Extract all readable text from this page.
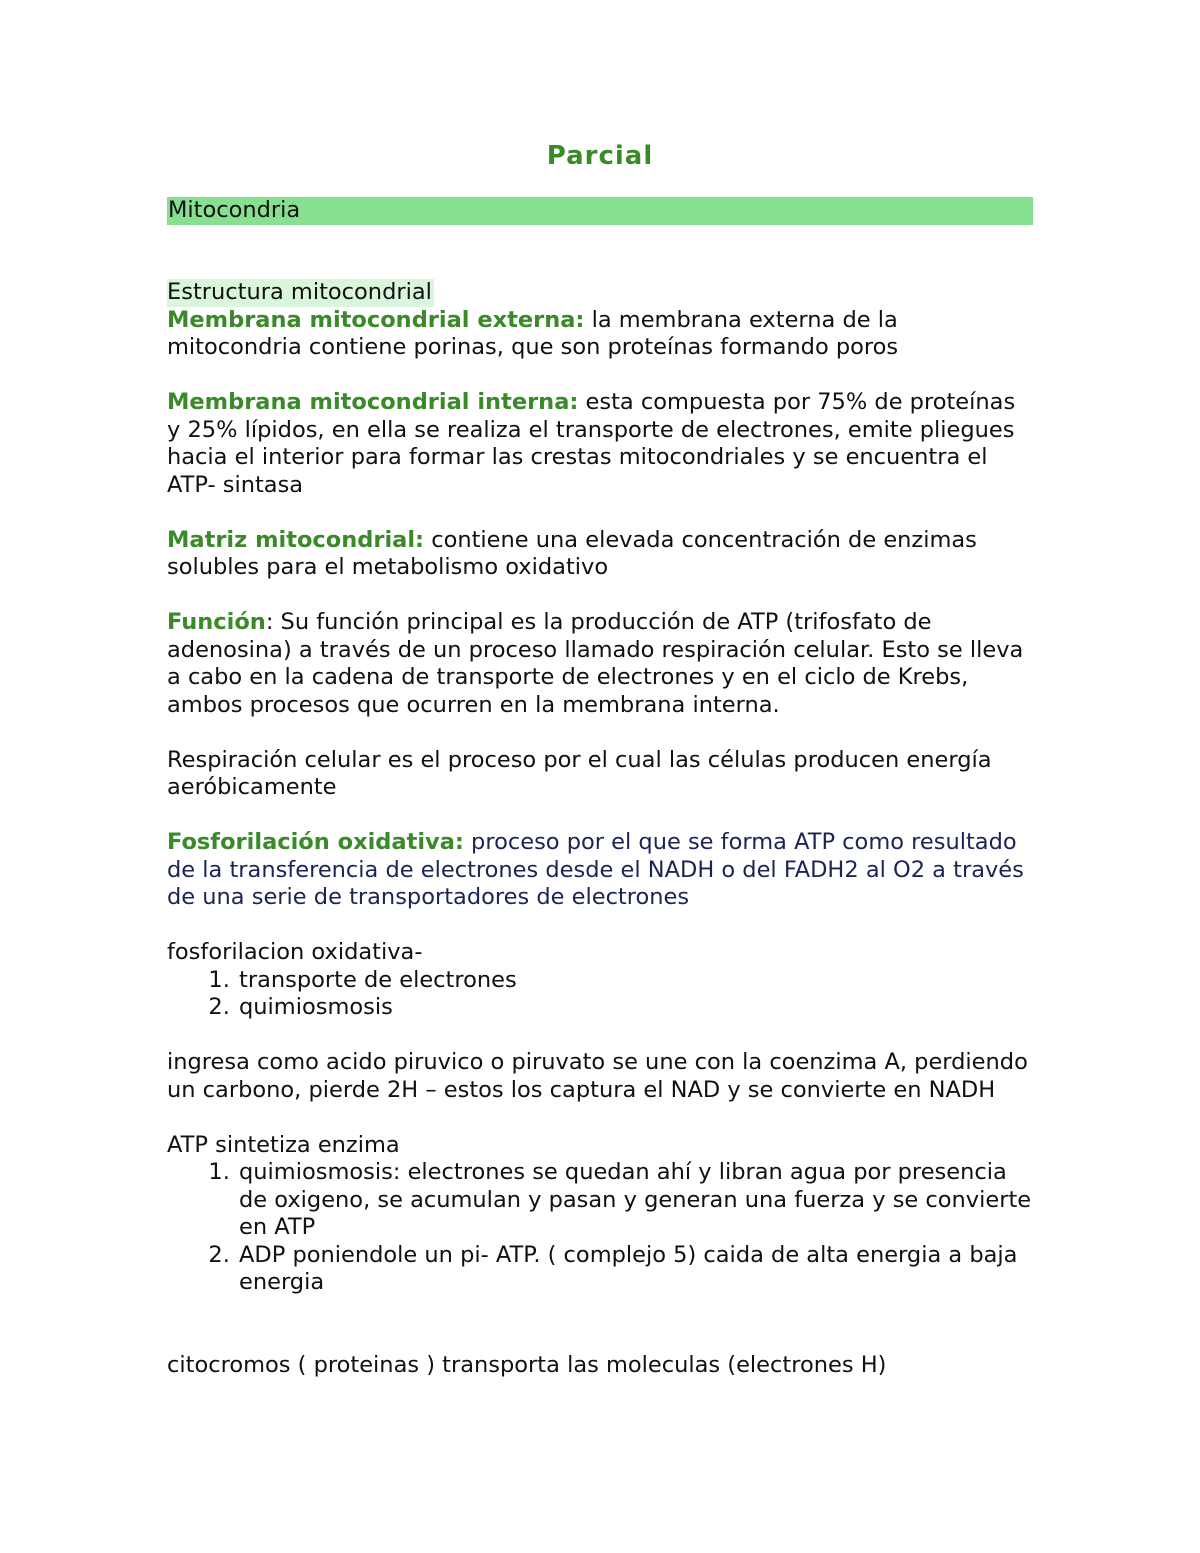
Parcial
Mitocondria

Estructura mitocondrial

Membrana mitocondrial externa: la membrana externa de la mitocondria contiene porinas, que son proteínas formando poros

Membrana mitocondrial interna: esta compuesta por 75% de proteínas y 25% lípidos, en ella se realiza el transporte de electrones, emite pliegues hacia el interior para formar las crestas mitocondriales y se encuentra el ATP- sintasa

Matriz mitocondrial: contiene una elevada concentración de enzimas solubles para el metabolismo oxidativo

Función: Su función principal es la producción de ATP (trifosfato de adenosina) a través de un proceso llamado respiración celular. Esto se lleva a cabo en la cadena de transporte de electrones y en el ciclo de Krebs, ambos procesos que ocurren en la membrana interna.

Respiración celular es el proceso por el cual las células producen energía aeróbicamente

Fosforilación oxidativa: proceso por el que se forma ATP como resultado de la transferencia de electrones desde el NADH o del FADH2 al O2 a través de una serie de transportadores de electrones

fosforilacion oxidativa-

1. transporte de electrones
2. quimiosmosis

ingresa como acido piruvico o piruvato se une con la coenzima A, perdiendo un carbono, pierde 2H – estos los captura el NAD y se convierte en NADH

ATP sintetiza enzima

1. quimiosmosis: electrones se quedan ahí y libran agua por presencia de oxigeno, se acumulan y pasan y generan una fuerza y se convierte en ATP
2. ADP poniendole un pi- ATP. ( complejo 5) caida de alta energia a baja energia

citocromos ( proteinas ) transporta las moleculas (electrones H)
